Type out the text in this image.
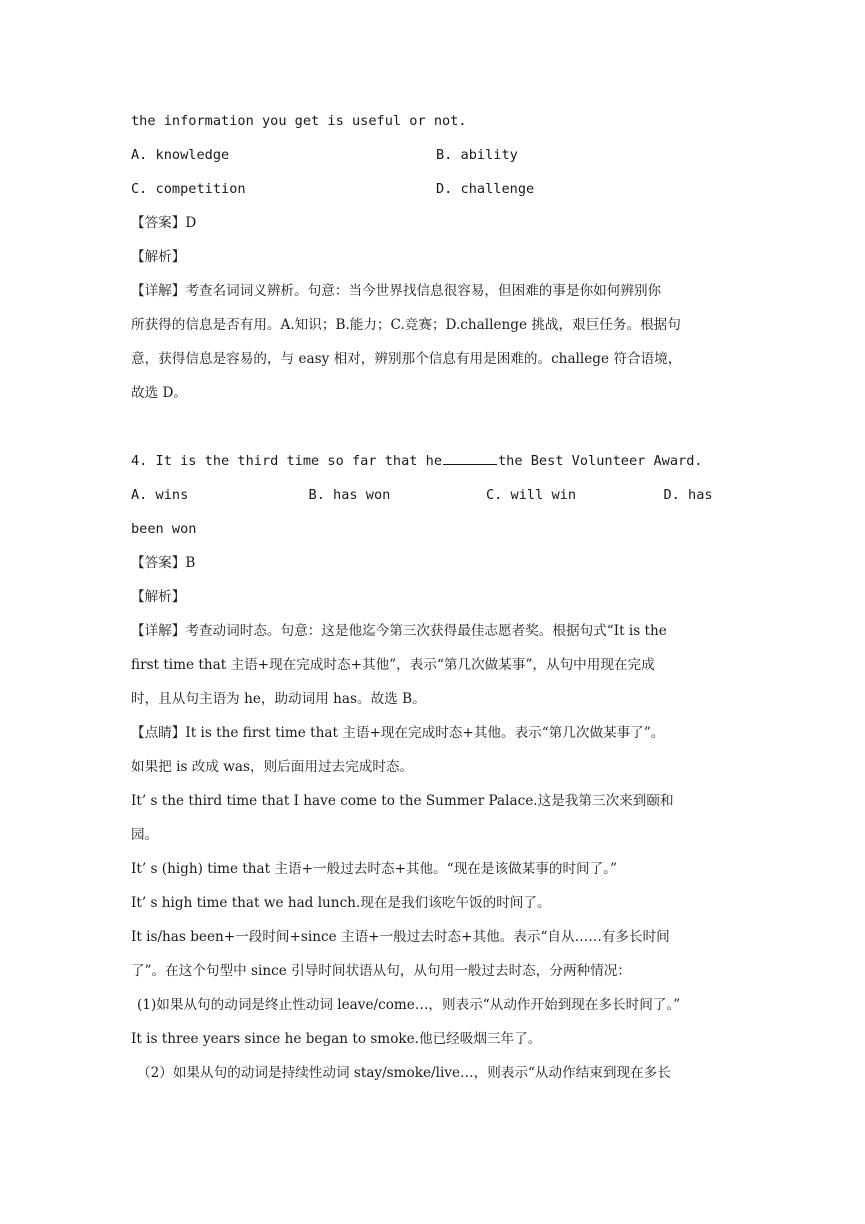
the information you get is useful or not.
A. knowledge	B. ability
C. competition	D. challenge
【答案】D
【解析】
【详解】考查名词词义辨析。句意：当今世界找信息很容易，但困难的事是你如何辨别你
所获得的信息是否有用。A.知识；B.能力；C.竞赛；D.challenge 挑战，艰巨任务。根据句
意，获得信息是容易的，与 easy 相对，辨别那个信息有用是困难的。challege 符合语境，
故选 D。
4. It is the third time so far that he	the Best Volunteer Award.
A. wins	B. has won	C. will win	D. has
been won
【答案】B
【解析】
【详解】考查动词时态。句意：这是他迄今第三次获得最佳志愿者奖。根据句式“It is the
first time that 主语+现在完成时态+其他”，表示“第几次做某事”，从句中用现在完成
时，且从句主语为 he，助动词用 has。故选 B。
【点睛】It is the first time that 主语+现在完成时态+其他。表示“第几次做某事了”。
如果把 is 改成 was，则后面用过去完成时态。
It’ s the third time that I have come to the Summer Palace.这是我第三次来到颐和
园。
It’ s (high) time that 主语+一般过去时态+其他。“现在是该做某事的时间了。”
It’ s high time that we had lunch.现在是我们该吃午饭的时间了。
It is/has been+一段时间+since 主语+一般过去时态+其他。表示“自从……有多长时间
了”。在这个句型中 since 引导时间状语从句，从句用一般过去时态，分两种情况：
(1)如果从句的动词是终止性动词 leave/come…，则表示“从动作开始到现在多长时间了。”
It is three years since he began to smoke.他已经吸烟三年了。
（2）如果从句的动词是持续性动词 stay/smoke/live…，则表示“从动作结束到现在多长
